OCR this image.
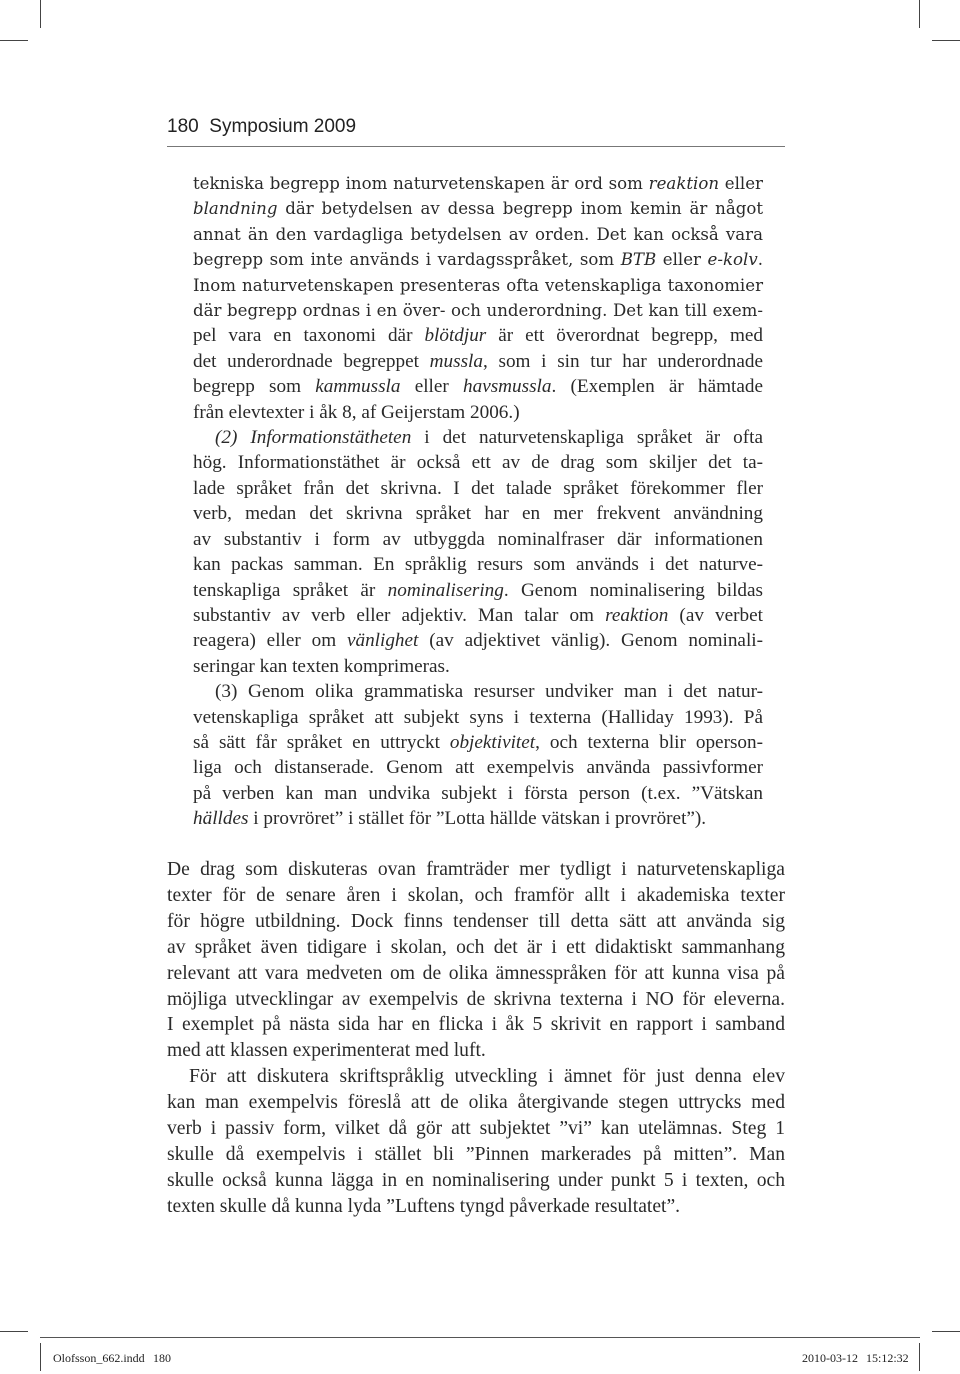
180 Symposium 2009
tekniska begrepp inom naturvetenskapen är ord som reaktion eller
blandning där betydelsen av dessa begrepp inom kemin är något
annat än den vardagliga betydelsen av orden. Det kan också vara
begrepp som inte används i vardagsspråket, som BTB eller e-kolv.
Inom naturvetenskapen presenteras ofta vetenskapliga taxonomier
där begrepp ordnas i en över- och underordning. Det kan till exem-
pel vara en taxonomi där blötdjur är ett överordnat begrepp, med
det underordnade begreppet mussla, som i sin tur har underordnade
begrepp som kammussla eller havsmussla. (Exemplen är hämtade
från elevtexter i åk 8, af Geijerstam 2006.)
(2) Informationstätheten i det naturvetenskapliga språket är ofta
hög. Informationstäthet är också ett av de drag som skiljer det ta-
lade språket från det skrivna. I det talade språket förekommer fler
verb, medan det skrivna språket har en mer frekvent användning
av substantiv i form av utbyggda nominalfraser där informationen
kan packas samman. En språklig resurs som används i det naturve-
tenskapliga språket är nominalisering. Genom nominalisering bildas
substantiv av verb eller adjektiv. Man talar om reaktion (av verbet
reagera) eller om vänlighet (av adjektivet vänlig). Genom nominali-
seringar kan texten komprimeras.
(3) Genom olika grammatiska resurser undviker man i det natur-
vetenskapliga språket att subjekt syns i texterna (Halliday 1993). På
så sätt får språket en uttryckt objektivitet, och texterna blir operson-
liga och distanserade. Genom att exempelvis använda passivformer
på verben kan man undvika subjekt i första person (t.ex. ”Vätskan
hälldes i provröret” i stället för ”Lotta hällde vätskan i provröret”).
De drag som diskuteras ovan framträder mer tydligt i naturvetenskapliga
texter för de senare åren i skolan, och framför allt i akademiska texter
för högre utbildning. Dock finns tendenser till detta sätt att använda sig
av språket även tidigare i skolan, och det är i ett didaktiskt sammanhang
relevant att vara medveten om de olika ämnesspråken för att kunna visa på
möjliga utvecklingar av exempelvis de skrivna texterna i NO för eleverna.
I exemplet på nästa sida har en flicka i åk 5 skrivit en rapport i samband
med att klassen experimenterat med luft.
För att diskutera skriftspråklig utveckling i ämnet för just denna elev
kan man exempelvis föreslå att de olika återgivande stegen uttrycks med
verb i passiv form, vilket då gör att subjektet ”vi” kan utelämnas. Steg 1
skulle då exempelvis i stället bli ”Pinnen markerades på mitten”. Man
skulle också kunna lägga in en nominalisering under punkt 5 i texten, och
texten skulle då kunna lyda ”Luftens tyngd påverkade resultatet”.
Olofsson_662.indd 180	2010-03-12 15:12:32
